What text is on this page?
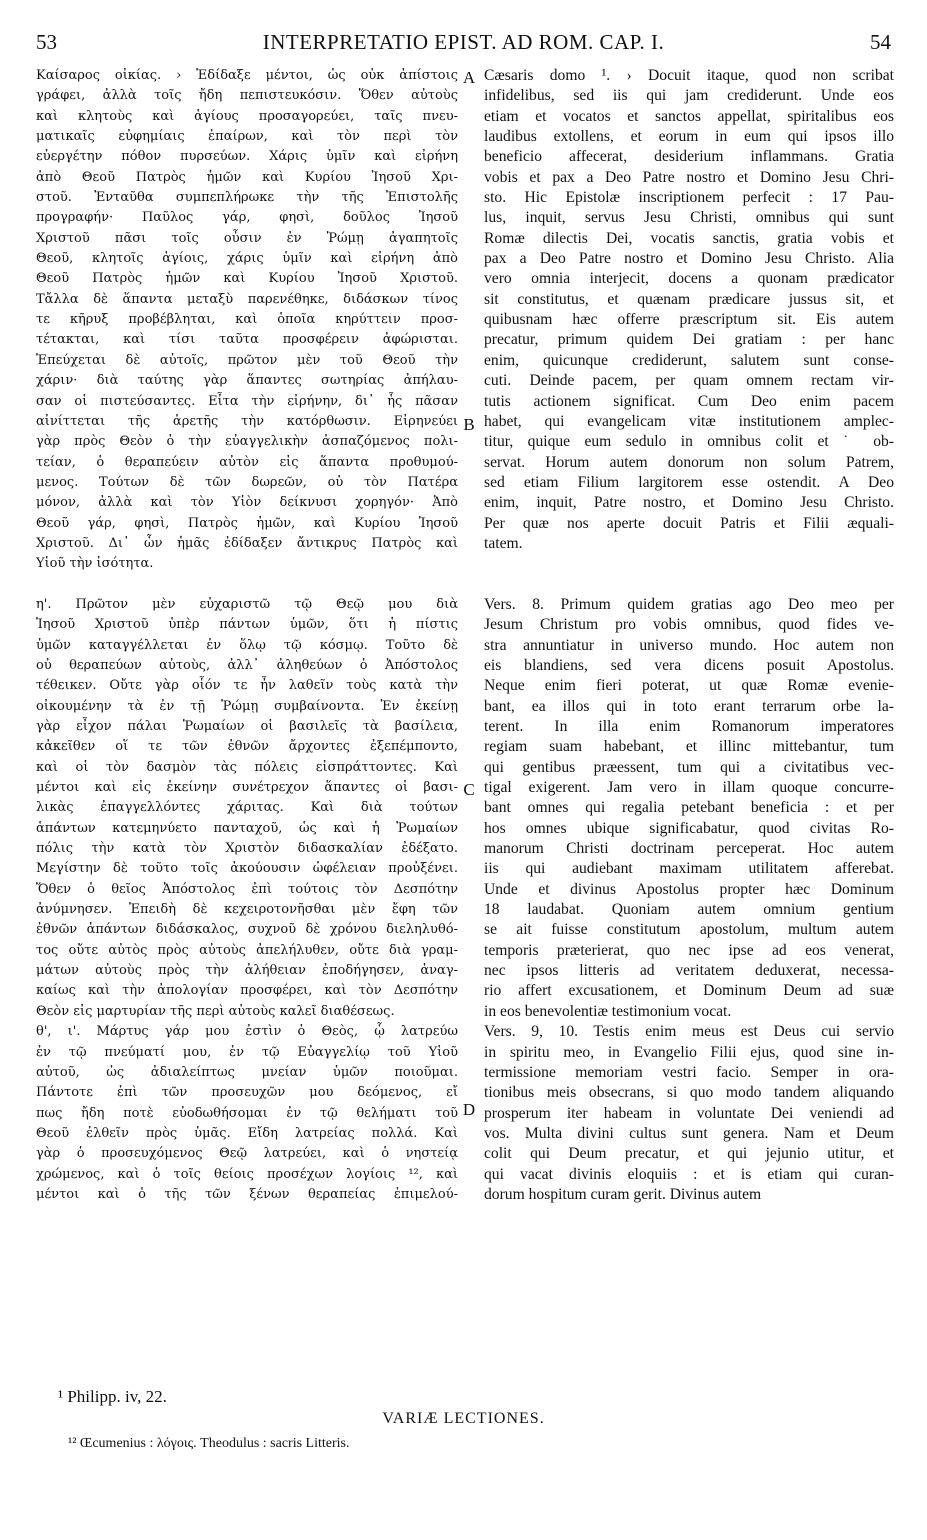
53	INTERPRETATIO EPIST. AD ROM. CAP. I.	54
Καίσαρος οἰκίας. › Ἐδίδαξε μέντοι, ὡς οὐκ ἀπίστοις
γράφει, ἀλλὰ τοῖς ἤδη πεπιστευκόσιν. Ὅθεν αὐτοὺς
καὶ κλητοὺς καὶ ἁγίους προσαγορεύει, ταῖς πνευ-
ματικαῖς εὐφημίαις ἐπαίρων, καὶ τὸν περὶ τὸν
εὐεργέτην πόθον πυρσεύων. Χάρις ὑμῖν καὶ εἰρήνη
ἀπὸ Θεοῦ Πατρὸς ἡμῶν καὶ Κυρίου Ἰησοῦ Χρι-
στοῦ. Ἐνταῦθα συμπεπλήρωκε τὴν τῆς Ἐπιστολῆς
προγραφήν· Παῦλος γάρ, φησὶ, δοῦλος Ἰησοῦ
Χριστοῦ πᾶσι τοῖς οὖσιν ἐν Ῥώμῃ ἀγαπητοῖς
Θεοῦ, κλητοῖς ἁγίοις, χάρις ὑμῖν καὶ εἰρήνη ἀπὸ
Θεοῦ Πατρὸς ἡμῶν καὶ Κυρίου Ἰησοῦ Χριστοῦ.
Τἄλλα δὲ ἅπαντα μεταξὺ παρενέθηκε, διδάσκων τίνος
τε κῆρυξ προβέβληται, καὶ ὁποῖα κηρύττειν προσ-
τέτακται, καὶ τίσι ταῦτα προσφέρειν ἀφώρισται.
Ἐπεύχεται δὲ αὐτοῖς, πρῶτον μὲν τοῦ Θεοῦ τὴν
χάριν· διὰ ταύτης γὰρ ἅπαντες σωτηρίας ἀπήλαυ-
σαν οἱ πιστεύσαντες. Εἶτα τὴν εἰρήνην, δι᾽ ἧς πᾶσαν
αἰνίττεται τῆς ἀρετῆς τὴν κατόρθωσιν. Εἰρηνεύει
γὰρ πρὸς Θεὸν ὁ τὴν εὐαγγελικὴν ἀσπαζόμενος πολι-
τείαν, ὁ θεραπεύειν αὐτὸν εἰς ἅπαντα προθυμού-
μενος. Τούτων δὲ τῶν δωρεῶν, οὐ τὸν Πατέρα
μόνον, ἀλλὰ καὶ τὸν Υἱὸν δείκνυσι χορηγόν· Ἀπὸ
Θεοῦ γάρ, φησὶ, Πατρὸς ἡμῶν, καὶ Κυρίου Ἰησοῦ
Χριστοῦ. Δι᾽ ὧν ἡμᾶς ἐδίδαξεν ἄντικρυς Πατρὸς καὶ
Υἱοῦ τὴν ἰσότητα.
η'. Πρῶτον μὲν εὐχαριστῶ τῷ Θεῷ μου διὰ
Ἰησοῦ Χριστοῦ ὑπὲρ πάντων ὑμῶν, ὅτι ἡ πίστις
ὑμῶν καταγγέλλεται ἐν ὅλῳ τῷ κόσμῳ. Τοῦτο δὲ
οὐ θεραπεύων αὐτοὺς, ἀλλ᾽ ἀληθεύων ὁ Ἀπόστολος
τέθεικεν. Οὔτε γὰρ οἷόν τε ἦν λαθεῖν τοὺς κατὰ τὴν
οἰκουμένην τὰ ἐν τῇ Ῥώμῃ συμβαίνοντα. Ἐν ἐκείνῃ
γὰρ εἶχον πάλαι Ῥωμαίων οἱ βασιλεῖς τὰ βασίλεια,
κἀκεῖθεν οἵ τε τῶν ἐθνῶν ἄρχοντες ἐξεπέμποντο,
καὶ οἱ τὸν δασμὸν τὰς πόλεις εἰσπράττοντες. Καὶ
μέντοι καὶ εἰς ἐκείνην συνέτρεχον ἅπαντες οἱ βασι-
λικὰς ἐπαγγελλόντες χάριτας. Καὶ διὰ τούτων
ἁπάντων κατεμηνύετο πανταχοῦ, ὡς καὶ ἡ Ῥωμαίων
πόλις τὴν κατὰ τὸν Χριστὸν διδασκαλίαν ἐδέξατο.
Μεγίστην δὲ τοῦτο τοῖς ἀκούουσιν ὠφέλειαν προὐξένει.
Ὅθεν ὁ θεῖος Ἀπόστολος ἐπὶ τούτοις τὸν Δεσπότην
ἀνύμνησεν. Ἐπειδὴ δὲ κεχειροτονῆσθαι μὲν ἔφη τῶν
ἐθνῶν ἁπάντων διδάσκαλος, συχνοῦ δὲ χρόνου διεληλυθό-
τος οὔτε αὐτὸς πρὸς αὐτοὺς ἀπελήλυθεν, οὔτε διὰ γραμ-
μάτων αὐτοὺς πρὸς τὴν ἀλήθειαν ἐποδήγησεν, ἀναγ-
καίως καὶ τὴν ἀπολογίαν προσφέρει, καὶ τὸν Δεσπότην
Θεὸν εἰς μαρτυρίαν τῆς περὶ αὐτοὺς καλεῖ διαθέσεως.
θ', ι'. Μάρτυς γάρ μου ἐστὶν ὁ Θεὸς, ᾧ λατρεύω
ἐν τῷ πνεύματί μου, ἐν τῷ Εὐαγγελίῳ τοῦ Υἱοῦ
αὐτοῦ, ὡς ἀδιαλείπτως μνείαν ὑμῶν ποιοῦμαι.
Πάντοτε ἐπὶ τῶν προσευχῶν μου δεόμενος, εἴ
πως ἤδη ποτὲ εὐοδωθήσομαι ἐν τῷ θελήματι τοῦ
Θεοῦ ἐλθεῖν πρὸς ὑμᾶς. Εἴδη λατρείας πολλά. Καὶ
γὰρ ὁ προσευχόμενος Θεῷ λατρεύει, καὶ ὁ νηστείᾳ
χρώμενος, καὶ ὁ τοῖς θείοις προσέχων λογίοις ¹², καὶ
μέντοι καὶ ὁ τῆς τῶν ξένων θεραπείας ἐπιμελού-
Cæsaris domo ¹. › Docuit itaque, quod non scribat
infidelibus, sed iis qui jam crediderunt. Unde eos
etiam et vocatos et sanctos appellat, spiritalibus eos
laudibus extollens, et eorum in eum qui ipsos illo
beneficio affecerat, desiderium inflammans. Gratia
vobis et pax a Deo Patre nostro et Domino Jesu Chri-
sto. Hic Epistolæ inscriptionem perfecit : 17 Pau-
lus, inquit, servus Jesu Christi, omnibus qui sunt
Romæ dilectis Dei, vocatis sanctis, gratia vobis et
pax a Deo Patre nostro et Domino Jesu Christo. Alia
vero omnia interjecit, docens a quonam prædicator
sit constitutus, et quænam prædicare jussus sit, et
quibusnam hæc offerre præscriptum sit. Eis autem
precatur, primum quidem Dei gratiam : per hanc
enim, quicunque crediderunt, salutem sunt conse-
cuti. Deinde pacem, per quam omnem rectam vir-
tutis actionem significat. Cum Deo enim pacem
habet, qui evangelicam vitæ institutionem amplec-
titur, quique eum sedulo in omnibus colit et ˙ ob-
servat. Horum autem donorum non solum Patrem,
sed etiam Filium largitorem esse ostendit. A Deo
enim, inquit, Patre nostro, et Domino Jesu Christo.
Per quæ nos aperte docuit Patris et Filii æquali-
tatem.
Vers. 8. Primum quidem gratias ago Deo meo per
Jesum Christum pro vobis omnibus, quod fides ve-
stra annuntiatur in universo mundo. Hoc autem non
eis blandiens, sed vera dicens posuit Apostolus.
Neque enim fieri poterat, ut quæ Romæ evenie-
bant, ea illos qui in toto erant terrarum orbe la-
terent. In illa enim Romanorum imperatores
regiam suam habebant, et illinc mittebantur, tum
qui gentibus præessent, tum qui a civitatibus vec-
tigal exigerent. Jam vero in illam quoque concurre-
bant omnes qui regalia petebant beneficia : et per
hos omnes ubique significabatur, quod civitas Ro-
manorum Christi doctrinam perceperat. Hoc autem
iis qui audiebant maximam utilitatem afferebat.
Unde et divinus Apostolus propter hæc Dominum
18 laudabat. Quoniam autem omnium gentium
se ait fuisse constitutum apostolum, multum autem
temporis præterierat, quo nec ipse ad eos venerat,
nec ipsos litteris ad veritatem deduxerat, necessa-
rio affert excusationem, et Dominum Deum ad suæ
in eos benevolentiæ testimonium vocat.
Vers. 9, 10. Testis enim meus est Deus cui servio
in spiritu meo, in Evangelio Filii ejus, quod sine in-
termissione memoriam vestri facio. Semper in ora-
tionibus meis obsecrans, si quo modo tandem aliquando
prosperum iter habeam in voluntate Dei veniendi ad
vos. Multa divini cultus sunt genera. Nam et Deum
colit qui Deum precatur, et qui jejunio utitur, et
qui vacat divinis eloquiis : et is etiam qui curan-
dorum hospitum curam gerit. Divinus autem
A
B
C
D
¹ Philipp. iv, 22.
VARIÆ LECTIONES.
¹² Œcumenius : λόγοις. Theodulus : sacris Litteris.
